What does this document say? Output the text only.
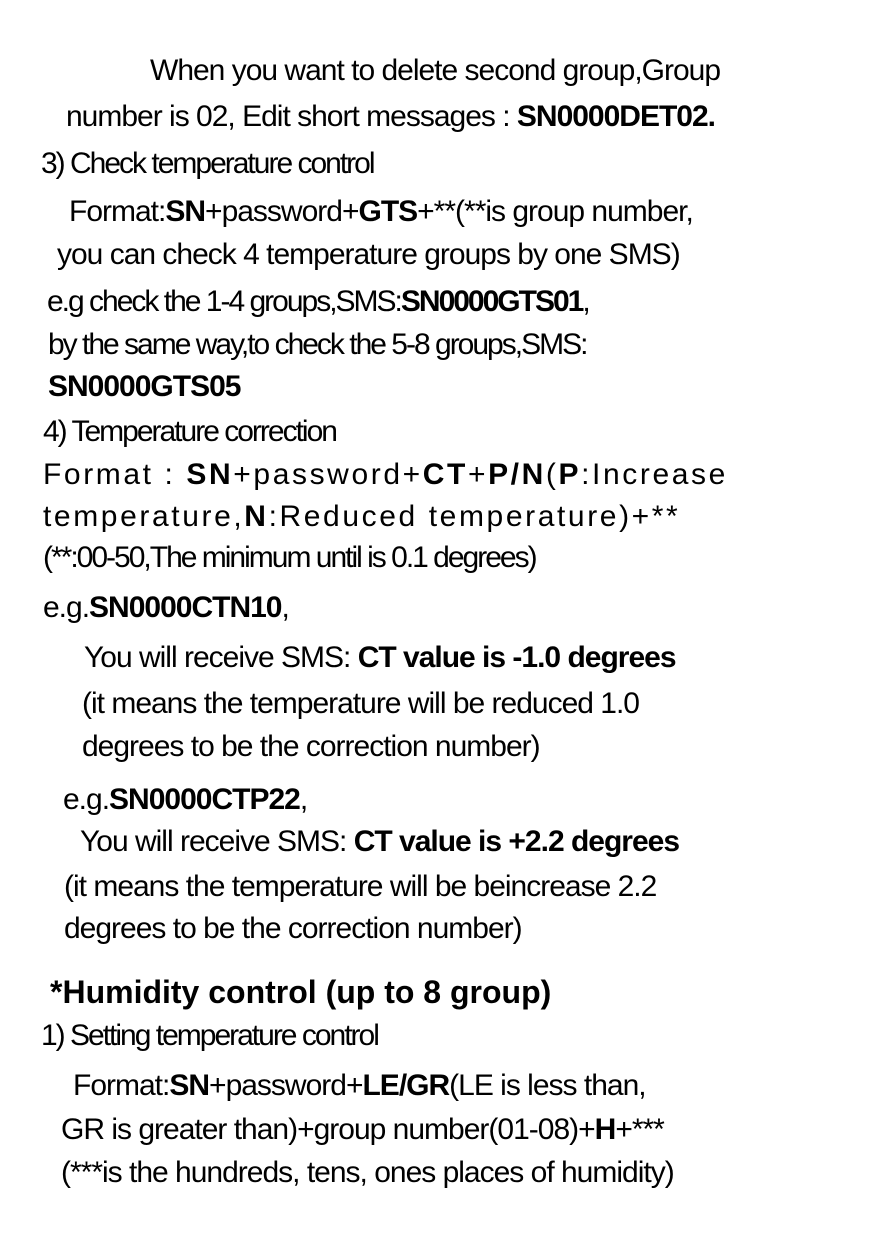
When you want to delete second group,Group
number is 02, Edit short messages : SN0000DET02.
3) Check temperature control
Format:SN+password+GTS+**(**is group number,
you can check 4 temperature groups by one SMS)
e.g check the 1-4 groups,SMS:SN0000GTS01,
by the same way,to check the 5-8 groups,SMS:
SN0000GTS05
4) Temperature correction
Format : SN+password+CT+P/N(P:Increase
temperature,N:Reduced temperature)+**
(**:00-50,The minimum until is 0.1 degrees)
e.g.SN0000CTN10,
You will receive SMS: CT value is -1.0 degrees
(it means the temperature will be reduced 1.0
degrees to be the correction number)
e.g.SN0000CTP22,
You will receive SMS: CT value is +2.2 degrees
(it means the temperature will be beincrease 2.2
degrees to be the correction number)
*Humidity control (up to 8 group)
1) Setting temperature control
Format:SN+password+LE/GR(LE is less than,
GR is greater than)+group number(01-08)+H+***
(***is the hundreds, tens, ones places of humidity)
